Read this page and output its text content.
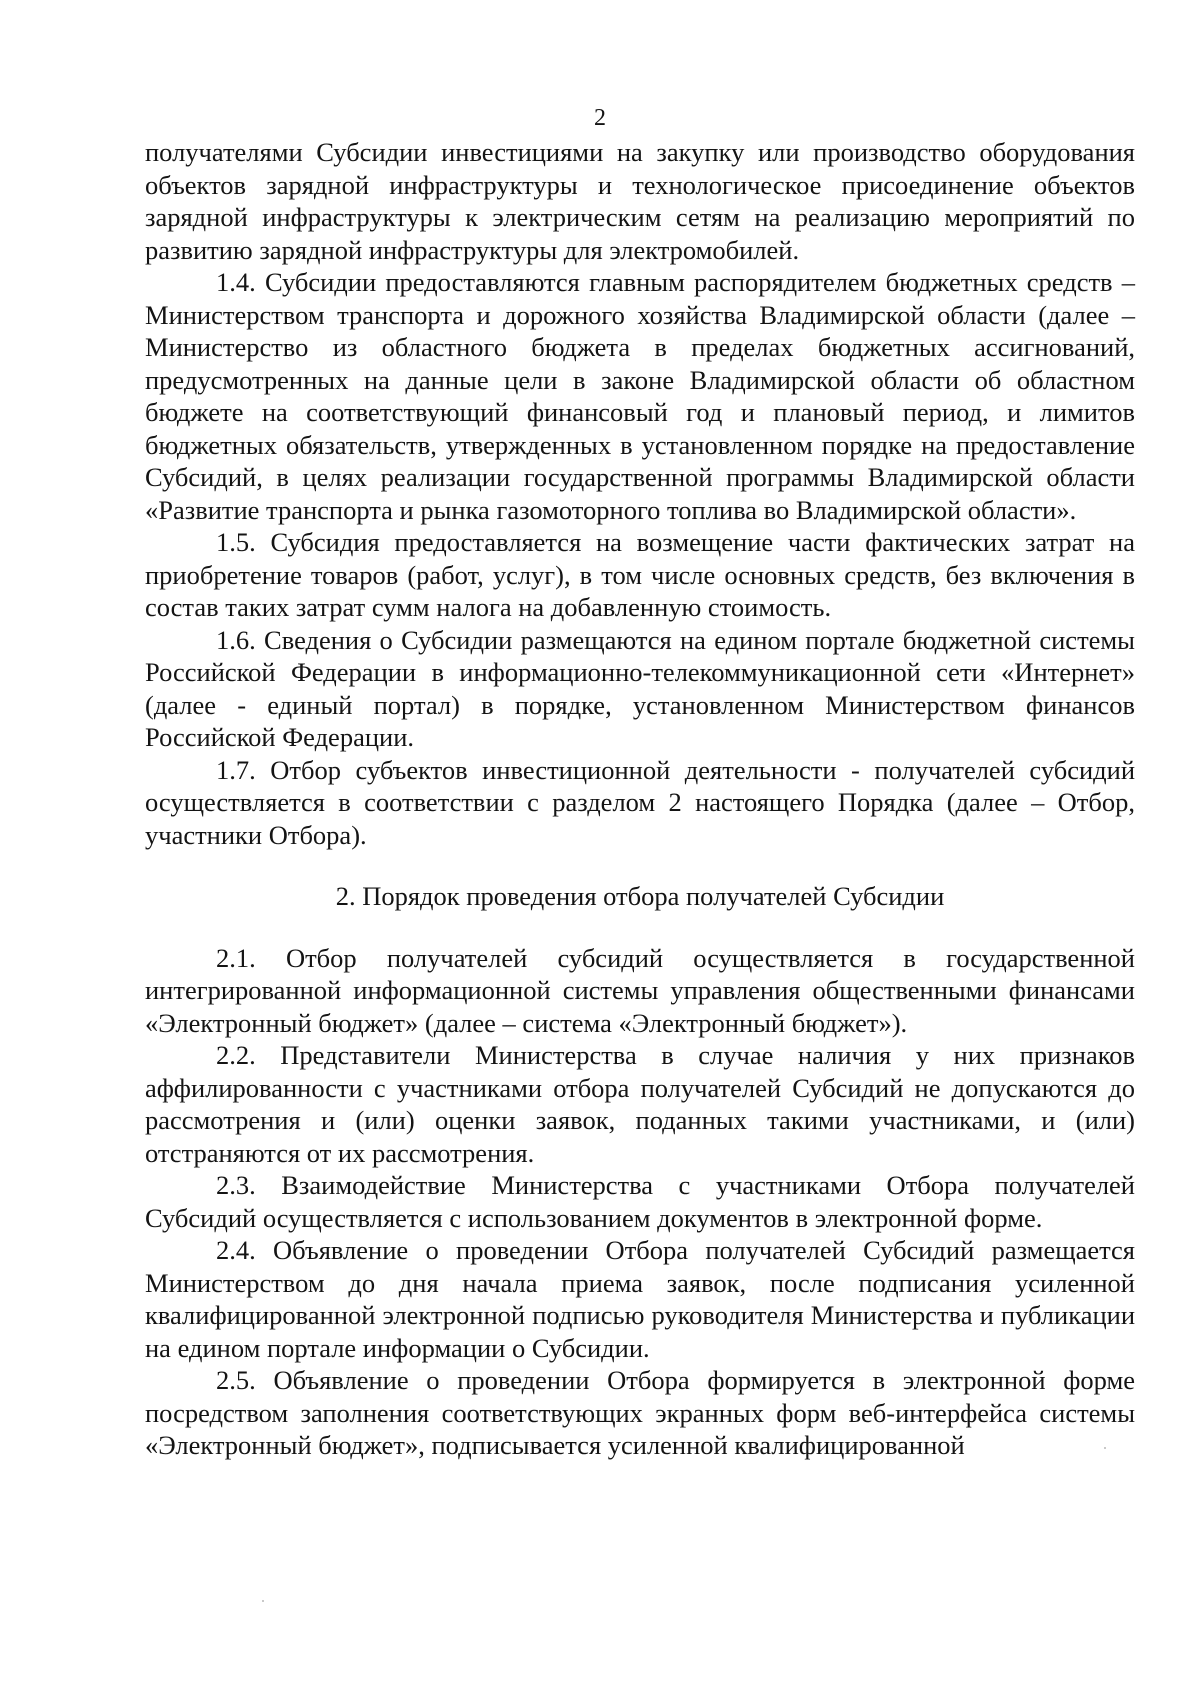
2

получателями Субсидии инвестициями на закупку или производство оборудования объектов зарядной инфраструктуры и технологическое присоединение объектов зарядной инфраструктуры к электрическим сетям на реализацию мероприятий по развитию зарядной инфраструктуры для электромобилей.

1.4. Субсидии предоставляются главным распорядителем бюджетных средств – Министерством транспорта и дорожного хозяйства Владимирской области (далее – Министерство из областного бюджета в пределах бюджетных ассигнований, предусмотренных на данные цели в законе Владимирской области об областном бюджете на соответствующий финансовый год и плановый период, и лимитов бюджетных обязательств, утвержденных в установленном порядке на предоставление Субсидий, в целях реализации государственной программы Владимирской области «Развитие транспорта и рынка газомоторного топлива во Владимирской области».

1.5. Субсидия предоставляется на возмещение части фактических затрат на приобретение товаров (работ, услуг), в том числе основных средств, без включения в состав таких затрат сумм налога на добавленную стоимость.

1.6. Сведения о Субсидии размещаются на едином портале бюджетной системы Российской Федерации в информационно-телекоммуникационной сети «Интернет» (далее - единый портал) в порядке, установленном Министерством финансов Российской Федерации.

1.7. Отбор субъектов инвестиционной деятельности - получателей субсидий осуществляется в соответствии с разделом 2 настоящего Порядка (далее – Отбор, участники Отбора).

2. Порядок проведения отбора получателей Субсидии

2.1. Отбор получателей субсидий осуществляется в государственной интегрированной информационной системы управления общественными финансами «Электронный бюджет» (далее – система «Электронный бюджет»).

2.2. Представители Министерства в случае наличия у них признаков аффилированности с участниками отбора получателей Субсидий не допускаются до рассмотрения и (или) оценки заявок, поданных такими участниками, и (или) отстраняются от их рассмотрения.

2.3. Взаимодействие Министерства с участниками Отбора получателей Субсидий осуществляется с использованием документов в электронной форме.

2.4. Объявление о проведении Отбора получателей Субсидий размещается Министерством до дня начала приема заявок, после подписания усиленной квалифицированной электронной подписью руководителя Министерства и публикации на едином портале информации о Субсидии.

2.5. Объявление о проведении Отбора формируется в электронной форме посредством заполнения соответствующих экранных форм веб-интерфейса системы «Электронный бюджет», подписывается усиленной квалифицированной
